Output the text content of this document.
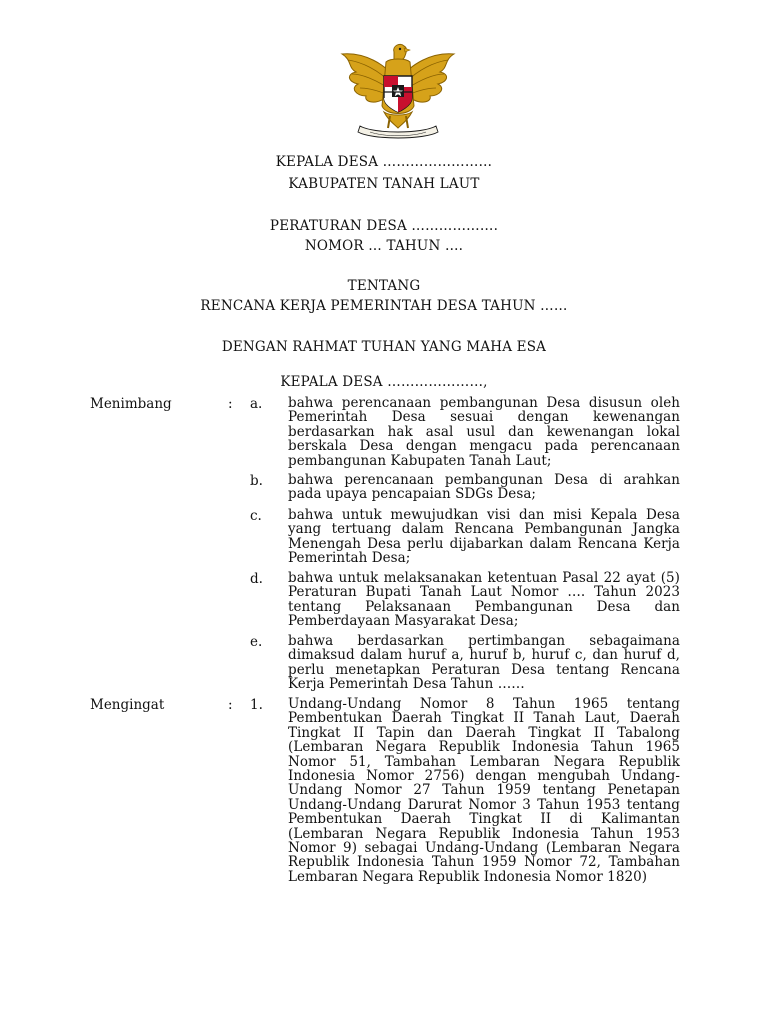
KEPALA DESA ……………………
KABUPATEN TANAH LAUT
PERATURAN DESA ……………….
NOMOR … TAHUN ….
TENTANG
RENCANA KERJA PEMERINTAH DESA TAHUN ……
DENGAN RAHMAT TUHAN YANG MAHA ESA
KEPALA DESA …………………,
Menimbang	: a. bahwa perencanaan pembangunan Desa disusun oleh Pemerintah Desa sesuai dengan kewenangan berdasarkan hak asal usul dan kewenangan lokal berskala Desa dengan mengacu pada perencanaan pembangunan Kabupaten Tanah Laut;
b. bahwa perencanaan pembangunan Desa di arahkan pada upaya pencapaian SDGs Desa;
c. bahwa untuk mewujudkan visi dan misi Kepala Desa yang tertuang dalam Rencana Pembangunan Jangka Menengah Desa perlu dijabarkan dalam Rencana Kerja Pemerintah Desa;
d. bahwa untuk melaksanakan ketentuan Pasal 22 ayat (5) Peraturan Bupati Tanah Laut Nomor …. Tahun 2023 tentang Pelaksanaan Pembangunan Desa dan Pemberdayaan Masyarakat Desa;
e. bahwa berdasarkan pertimbangan sebagaimana dimaksud dalam huruf a, huruf b, huruf c, dan huruf d, perlu menetapkan Peraturan Desa tentang Rencana Kerja Pemerintah Desa Tahun ……
Mengingat	: 1. Undang-Undang Nomor 8 Tahun 1965 tentang Pembentukan Daerah Tingkat II Tanah Laut, Daerah Tingkat II Tapin dan Daerah Tingkat II Tabalong (Lembaran Negara Republik Indonesia Tahun 1965 Nomor 51, Tambahan Lembaran Negara Republik Indonesia Nomor 2756) dengan mengubah Undang-Undang Nomor 27 Tahun 1959 tentang Penetapan Undang-Undang Darurat Nomor 3 Tahun 1953 tentang Pembentukan Daerah Tingkat II di Kalimantan (Lembaran Negara Republik Indonesia Tahun 1953 Nomor 9) sebagai Undang-Undang (Lembaran Negara Republik Indonesia Tahun 1959 Nomor 72, Tambahan Lembaran Negara Republik Indonesia Nomor 1820)
